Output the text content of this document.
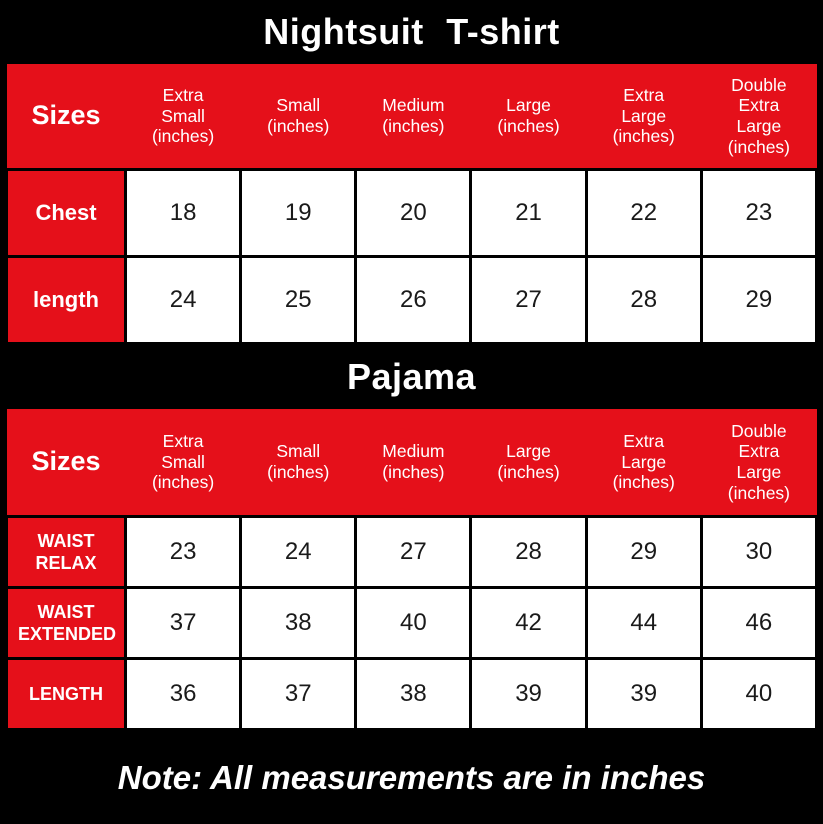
Nightsuit T-shirt
Sizes	Extra Small (inches)	Small (inches)	Medium (inches)	Large (inches)	Extra Large (inches)	Double Extra Large (inches)
Chest	18	19	20	21	22	23
length	24	25	26	27	28	29
Pajama
Sizes	Extra Small (inches)	Small (inches)	Medium (inches)	Large (inches)	Extra Large (inches)	Double Extra Large (inches)
WAIST RELAX	23	24	27	28	29	30
WAIST EXTENDED	37	38	40	42	44	46
LENGTH	36	37	38	39	39	40
Note: All measurements are in inches
